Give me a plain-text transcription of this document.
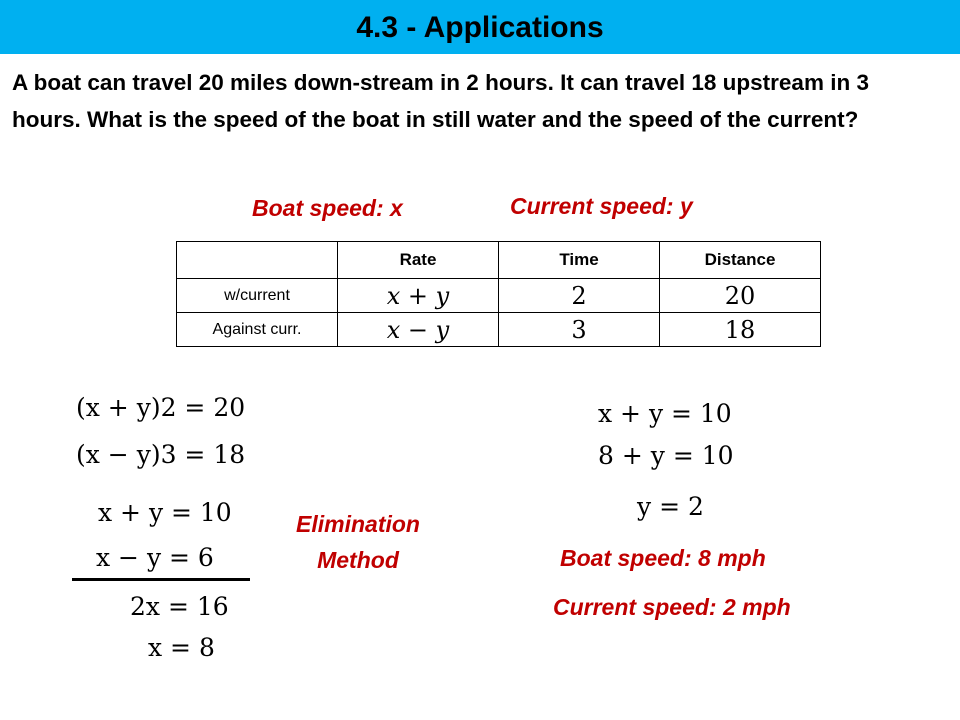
4.3 - Applications
A boat can travel 20 miles down-stream in 2 hours. It can travel 18 upstream in 3 hours. What is the speed of the boat in still water and the speed of the current?
Boat speed: x	Current speed: y
	Rate	Time	Distance
w/current	x + y	2	20
Against curr.	x − y	3	18
(x + y)2 = 20
(x − y)3 = 18
x + y = 10
x − y = 6
2x = 16
x = 8
Elimination
Method
x + y = 10
8 + y = 10
y = 2
Boat speed: 8 mph
Current speed: 2 mph
